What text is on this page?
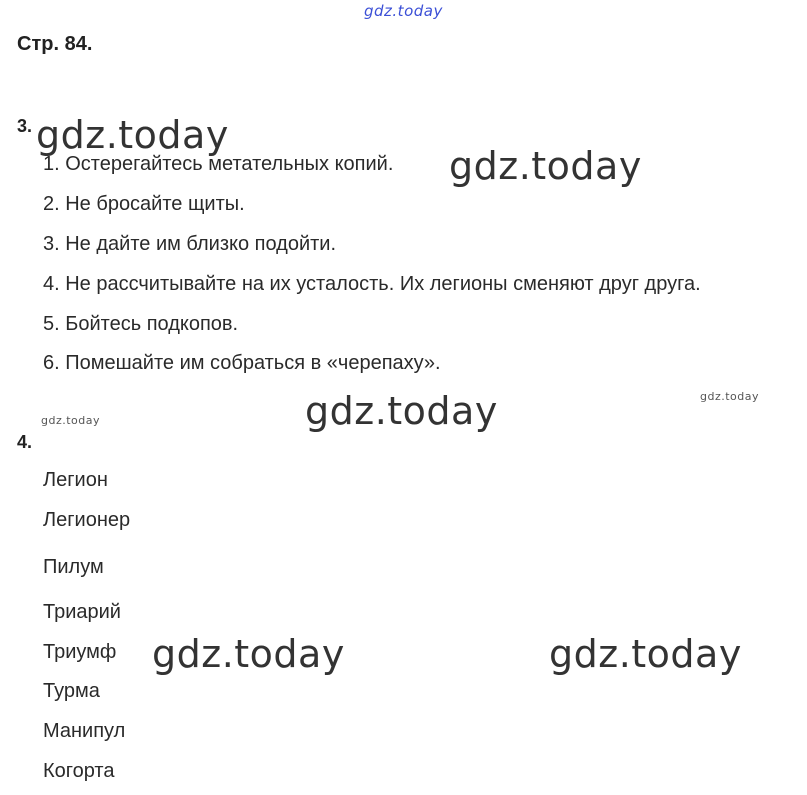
gdz.today
Стр. 84.
3. gdz.today
1. Остерегайтесь метательных копий. gdz.today
2. Не бросайте щиты.
3. Не дайте им близко подойти.
4. Не рассчитывайте на их усталость. Их легионы сменяют друг друга.
5. Бойтесь подкопов.
6. Помешайте им собраться в «черепаху».
gdz.today
gdz.today
gdz.today
4.
Легион
Легионер
Пилум
Триарий
Триумф
Турма
Манипул
Когорта
gdz.today	gdz.today
